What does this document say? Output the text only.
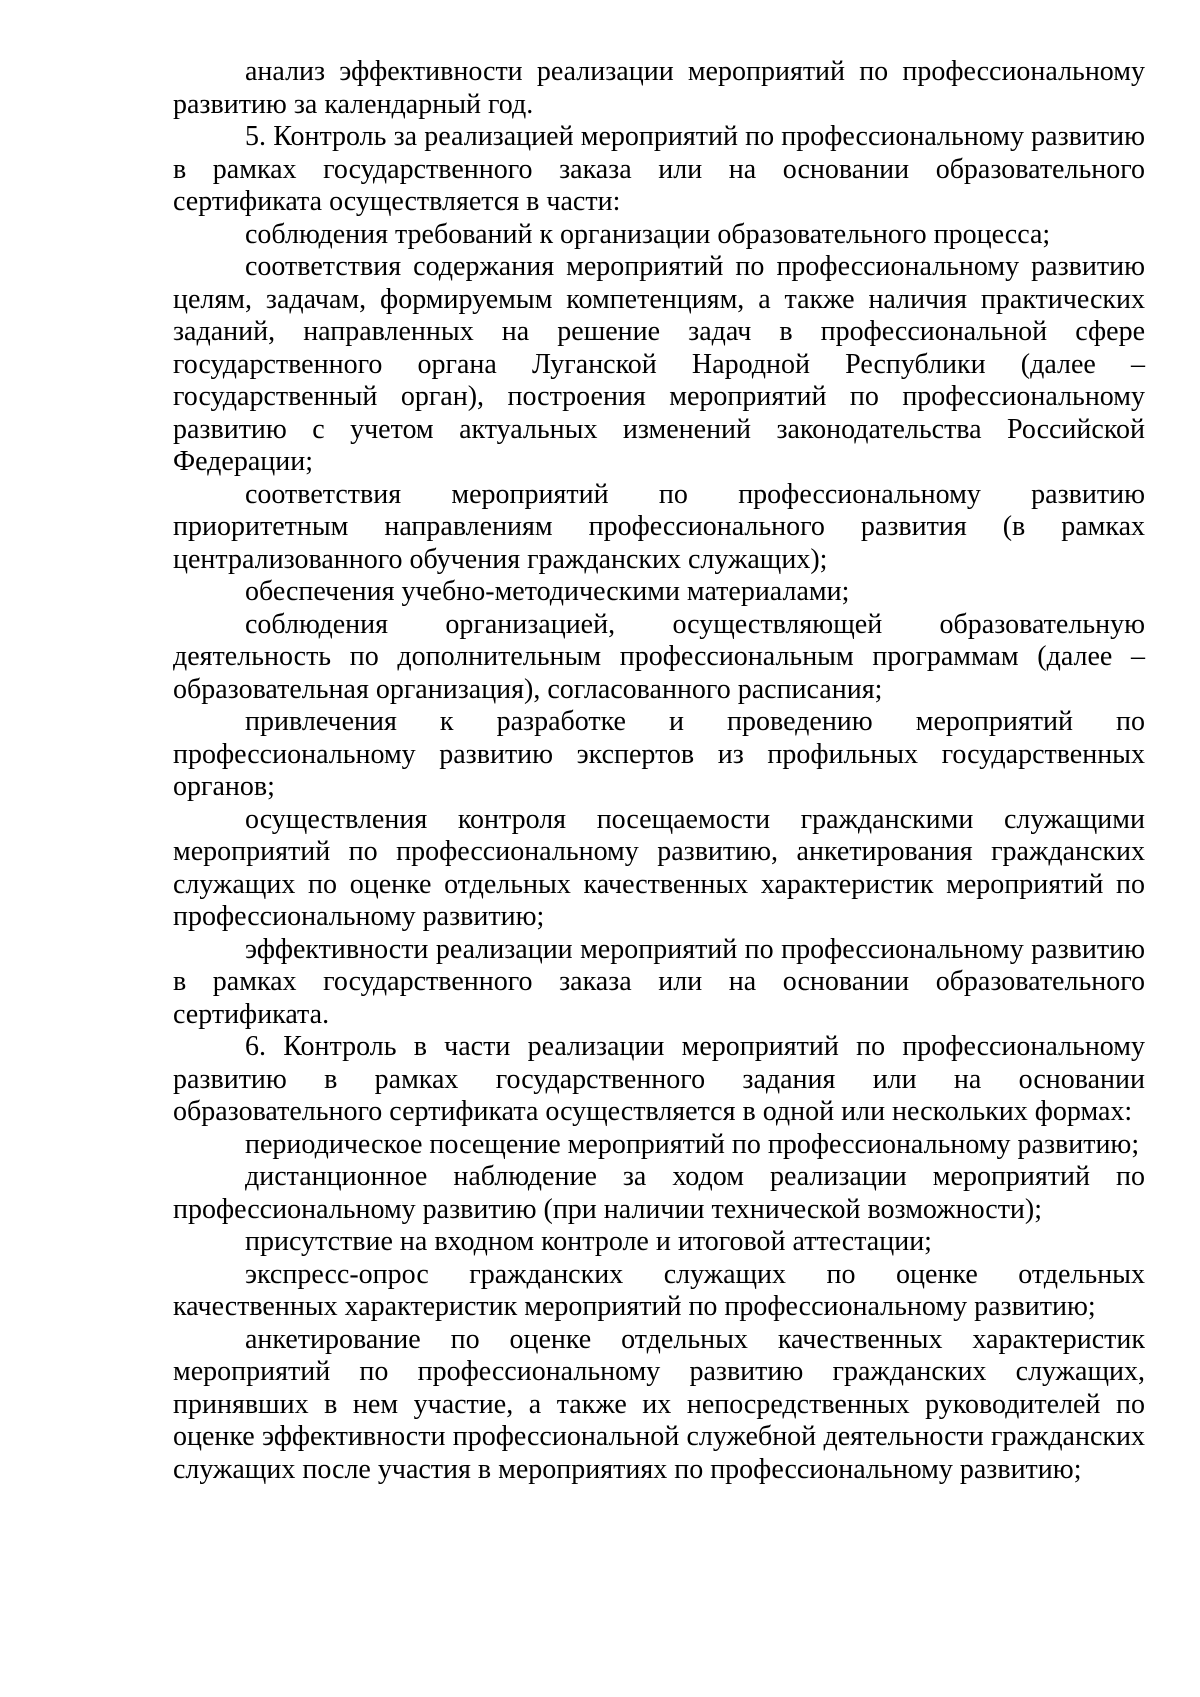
анализ эффективности реализации мероприятий по профессиональному развитию за календарный год.

5. Контроль за реализацией мероприятий по профессиональному развитию в рамках государственного заказа или на основании образовательного сертификата осуществляется в части:

соблюдения требований к организации образовательного процесса;

соответствия содержания мероприятий по профессиональному развитию целям, задачам, формируемым компетенциям, а также наличия практических заданий, направленных на решение задач в профессиональной сфере государственного органа Луганской Народной Республики (далее – государственный орган), построения мероприятий по профессиональному развитию с учетом актуальных изменений законодательства Российской Федерации;

соответствия мероприятий по профессиональному развитию приоритетным направлениям профессионального развития (в рамках централизованного обучения гражданских служащих);

обеспечения учебно-методическими материалами;

соблюдения организацией, осуществляющей образовательную деятельность по дополнительным профессиональным программам (далее – образовательная организация), согласованного расписания;

привлечения к разработке и проведению мероприятий по профессиональному развитию экспертов из профильных государственных органов;

осуществления контроля посещаемости гражданскими служащими мероприятий по профессиональному развитию, анкетирования гражданских служащих по оценке отдельных качественных характеристик мероприятий по профессиональному развитию;

эффективности реализации мероприятий по профессиональному развитию в рамках государственного заказа или на основании образовательного сертификата.

6. Контроль в части реализации мероприятий по профессиональному развитию в рамках государственного задания или на основании образовательного сертификата осуществляется в одной или нескольких формах:

периодическое посещение мероприятий по профессиональному развитию;

дистанционное наблюдение за ходом реализации мероприятий по профессиональному развитию (при наличии технической возможности);

присутствие на входном контроле и итоговой аттестации;

экспресс-опрос гражданских служащих по оценке отдельных качественных характеристик мероприятий по профессиональному развитию;

анкетирование по оценке отдельных качественных характеристик мероприятий по профессиональному развитию гражданских служащих, принявших в нем участие, а также их непосредственных руководителей по оценке эффективности профессиональной служебной деятельности гражданских служащих после участия в мероприятиях по профессиональному развитию;
